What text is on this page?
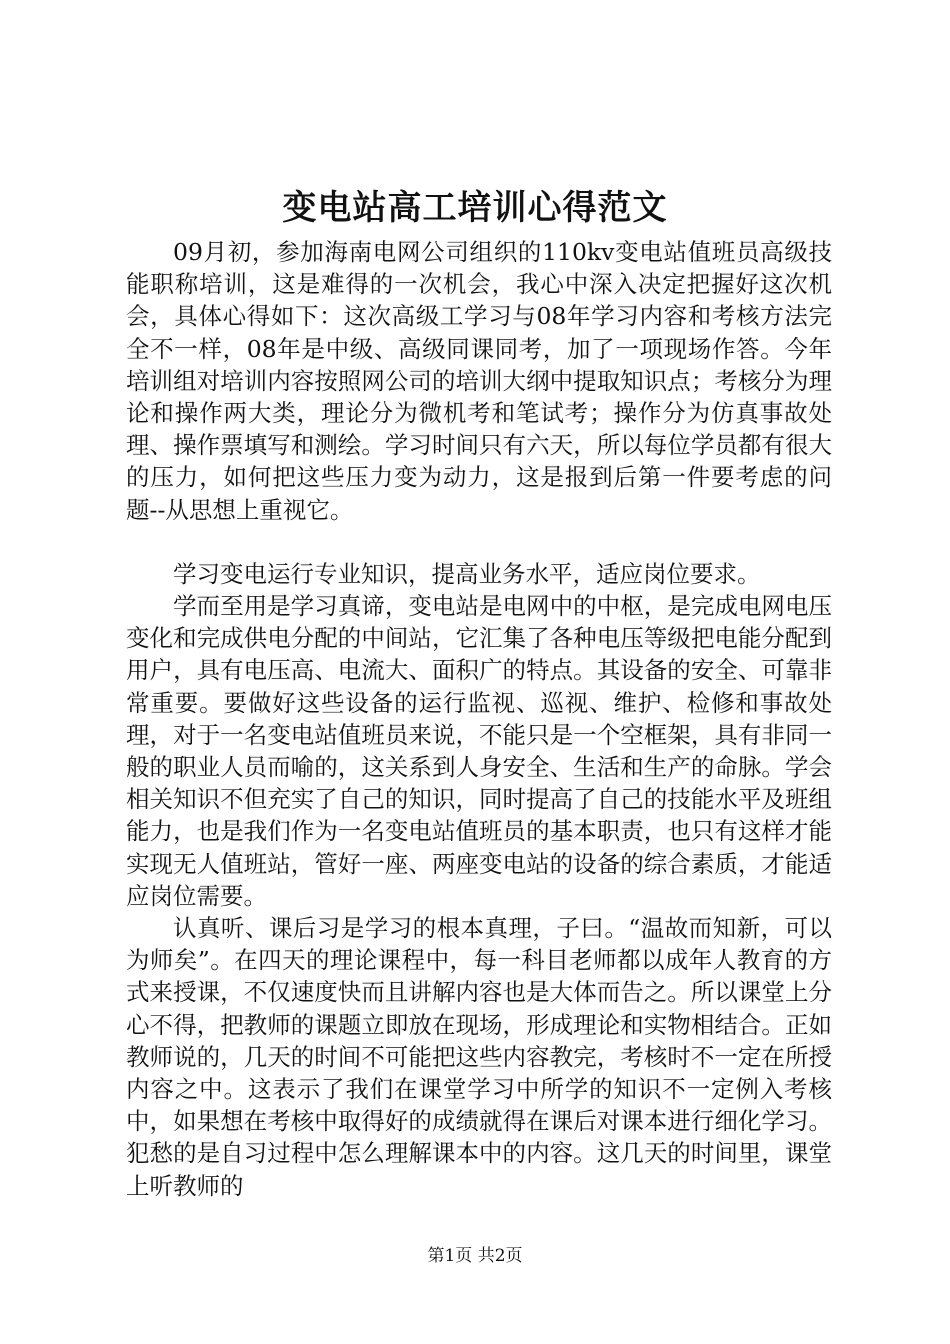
变电站高工培训心得范文

09月初，参加海南电网公司组织的110kv变电站值班员高级技能职称培训，这是难得的一次机会，我心中深入决定把握好这次机会，具体心得如下：这次高级工学习与08年学习内容和考核方法完全不一样，08年是中级、高级同课同考，加了一项现场作答。今年培训组对培训内容按照网公司的培训大纲中提取知识点；考核分为理论和操作两大类，理论分为微机考和笔试考；操作分为仿真事故处理、操作票填写和测绘。学习时间只有六天，所以每位学员都有很大的压力，如何把这些压力变为动力，这是报到后第一件要考虑的问题--从思想上重视它。

学习变电运行专业知识，提高业务水平，适应岗位要求。

学而至用是学习真谛，变电站是电网中的中枢，是完成电网电压变化和完成供电分配的中间站，它汇集了各种电压等级把电能分配到用户，具有电压高、电流大、面积广的特点。其设备的安全、可靠非常重要。要做好这些设备的运行监视、巡视、维护、检修和事故处理，对于一名变电站值班员来说，不能只是一个空框架，具有非同一般的职业人员而喻的，这关系到人身安全、生活和生产的命脉。学会相关知识不但充实了自己的知识，同时提高了自己的技能水平及班组能力，也是我们作为一名变电站值班员的基本职责，也只有这样才能实现无人值班站，管好一座、两座变电站的设备的综合素质，才能适应岗位需要。

认真听、课后习是学习的根本真理，子曰。“温故而知新，可以为师矣”。在四天的理论课程中，每一科目老师都以成年人教育的方式来授课，不仅速度快而且讲解内容也是大体而告之。所以课堂上分心不得，把教师的课题立即放在现场，形成理论和实物相结合。正如教师说的，几天的时间不可能把这些内容教完，考核时不一定在所授内容之中。这表示了我们在课堂学习中所学的知识不一定例入考核中，如果想在考核中取得好的成绩就得在课后对课本进行细化学习。犯愁的是自习过程中怎么理解课本中的内容。这几天的时间里，课堂上听教师的

第1页 共2页
